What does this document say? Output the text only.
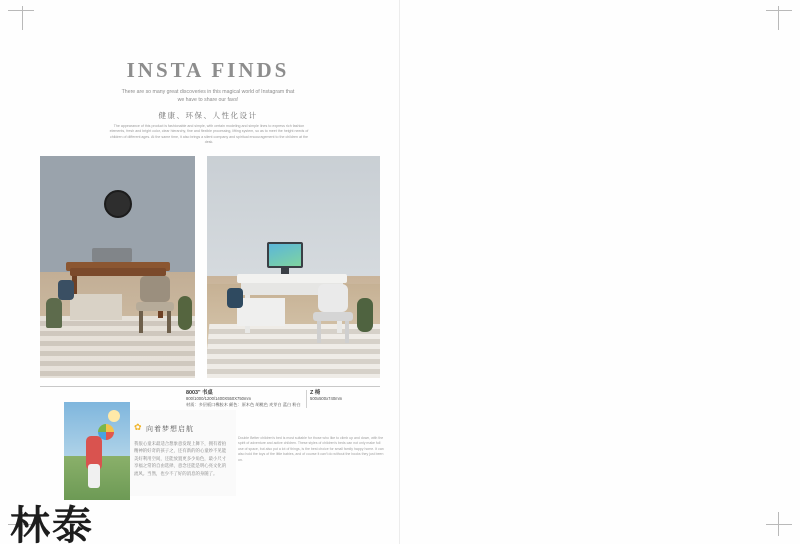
INSTA FINDS
There are so many great discoveries in this magical world of Instagram that we have to share our favs!
健康、环保、人性化设计
The appearance of this product is fashionable and simple, with certain modeling and simple lines to express rich fashion elements, fresh and bright color, clear hierarchy, fine and flexible processing, lifting system, so as to meet the height needs of children of different ages. At the same time, it also brings a silent company and spiritual encouragement to the children at the desk.
8003" 书桌
800/1000/1200/1400X550X750mm
材质：多层板口橡胶木 颜色：原木色 胡桃色 麦芽白 蓝白 粉白
Z 椅
500x500x740mm
✿ 向着梦想启航
我很心童未最适合想象意发现上舞下，拥有着拍精神的好奇的孩子之，还有新的的心童妙不见能美好利用空间，还能放置更多少角色，最小尺寸享福之常的自由选择，意念还能是明心亮文化的流风。当然，也少不了好的消息的身随了。
Double Better children's bed is most suitable for those who like to climb up and down, with the spirit of adventure and active children. These styles of children's beds can not only make full use of space, but also put a lot of things, is the best choice for small family happy home. It can also hold the toys of the little babies, and of course it can't do without the books they just been on.
林泰
